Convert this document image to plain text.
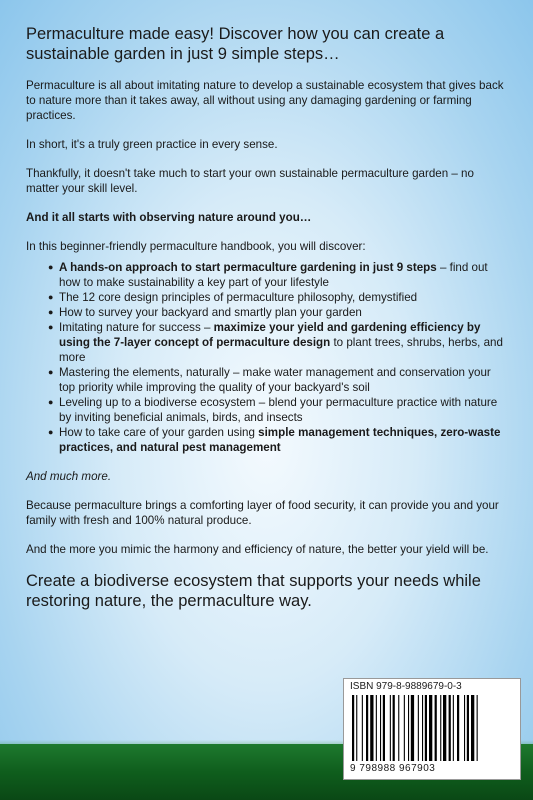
Permaculture made easy! Discover how you can create a sustainable garden in just 9 simple steps…

Permaculture is all about imitating nature to develop a sustainable ecosystem that gives back to nature more than it takes away, all without using any damaging gardening or farming practices.

In short, it's a truly green practice in every sense.

Thankfully, it doesn't take much to start your own sustainable permaculture garden – no matter your skill level.

And it all starts with observing nature around you…

In this beginner-friendly permaculture handbook, you will discover:

● A hands-on approach to start permaculture gardening in just 9 steps – find out how to make sustainability a key part of your lifestyle
● The 12 core design principles of permaculture philosophy, demystified
● How to survey your backyard and smartly plan your garden
● Imitating nature for success – maximize your yield and gardening efficiency by using the 7-layer concept of permaculture design to plant trees, shrubs, herbs, and more
● Mastering the elements, naturally – make water management and conservation your top priority while improving the quality of your backyard's soil
● Leveling up to a biodiverse ecosystem – blend your permaculture practice with nature by inviting beneficial animals, birds, and insects
● How to take care of your garden using simple management techniques, zero-waste practices, and natural pest management

And much more.

Because permaculture brings a comforting layer of food security, it can provide you and your family with fresh and 100% natural produce.

And the more you mimic the harmony and efficiency of nature, the better your yield will be.

Create a biodiverse ecosystem that supports your needs while restoring nature, the permaculture way.
ISBN 979-8-9889679-0-3
9 798988 967903
